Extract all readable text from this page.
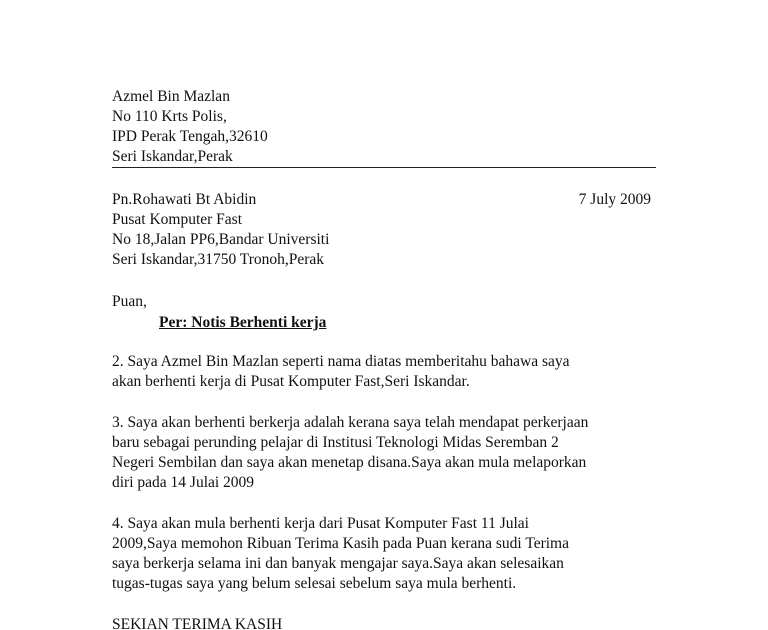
Azmel Bin Mazlan
No 110 Krts Polis,
IPD Perak Tengah,32610
Seri Iskandar,Perak
Pn.Rohawati Bt Abidin	7 July 2009
Pusat Komputer Fast
No 18,Jalan PP6,Bandar Universiti
Seri Iskandar,31750 Tronoh,Perak
Puan,
Per: Notis Berhenti kerja
2. Saya Azmel Bin Mazlan seperti nama diatas memberitahu bahawa saya
akan berhenti kerja di Pusat Komputer Fast,Seri Iskandar.
3. Saya akan berhenti berkerja adalah kerana saya telah mendapat perkerjaan
baru sebagai perunding pelajar di Institusi Teknologi Midas Seremban 2
Negeri Sembilan dan saya akan menetap disana.Saya akan mula melaporkan
diri pada 14 Julai 2009
4. Saya akan mula berhenti kerja dari Pusat Komputer Fast 11 Julai
2009,Saya memohon Ribuan Terima Kasih pada Puan kerana sudi Terima
saya berkerja selama ini dan banyak mengajar saya.Saya akan selesaikan
tugas-tugas saya yang belum selesai sebelum saya mula berhenti.
SEKIAN TERIMA KASIH
